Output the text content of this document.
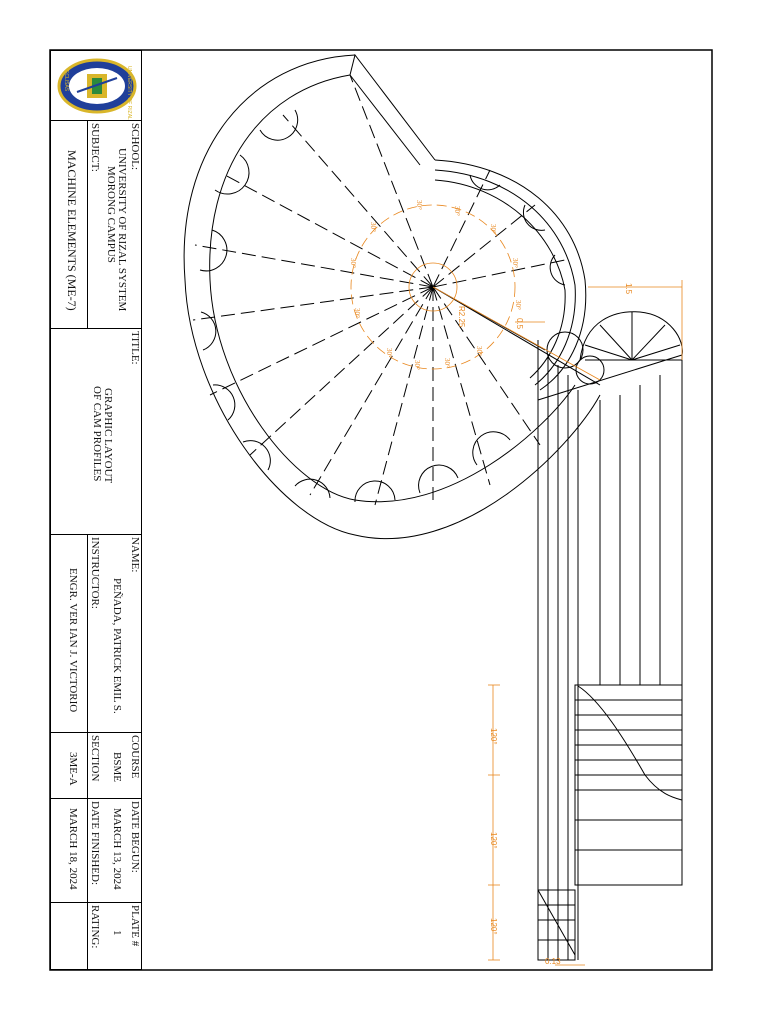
1.5
0.5
R2.25
120°
120°
120°
0.13
30°
30°
30°
30°
30°
30°
30°
30°
30°
30°
30°
30°
UNIVERSITY OF RIZAL
ECLISAS
SCHOOL:
UNIVERSITY OF RIZAL SYSTEM
MORONG CAMPUS
SUBJECT:
MACHINE ELEMENTS (ME-7)
TITLE:
GRAPHIC LAYOUT
OF CAM PROFILES
NAME:
PEÑADA, PATRICK EMIL S.
INSTRUCTOR:
ENGR. VER IAN J. VICTORIO
COURSE
BSME
SECTION
3ME-A
DATE BEGUN:
MARCH 13, 2024
DATE FINISHED:
MARCH 18, 2024
PLATE #
1
RATING:
